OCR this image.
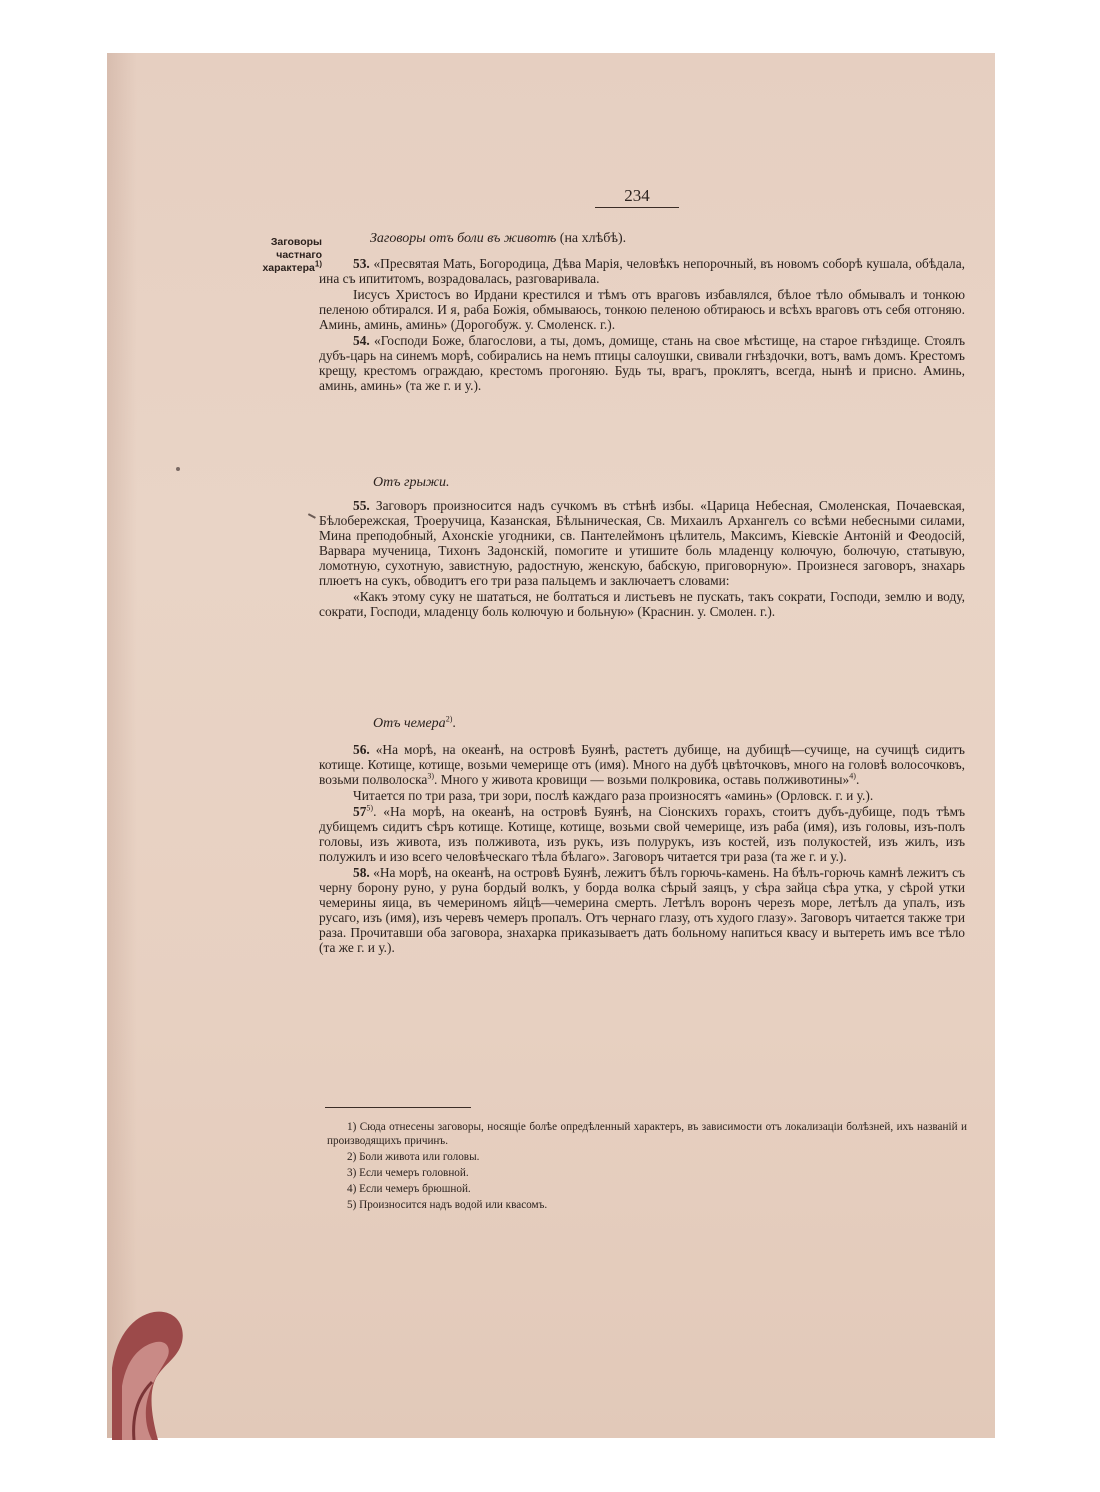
234
Заговоры
частнаго
характера$^{1)}$
Заговоры отъ боли въ животѣ (на хлѣбѣ).

53. «Пресвятая Мать, Богородица, Дѣва Марія, человѣкъ непорочный, въ новомъ соборѣ кушала, обѣдала, ина съ ипититомъ, возрадовалась, разговаривала.

Іисусъ Христосъ во Ирдани крестился и тѣмъ отъ враговъ избавлялся, бѣлое тѣло обмывалъ и тонкою пеленою обтирался. И я, раба Божія, обмываюсь, тонкою пеленою обтираюсь и всѣхъ враговъ отъ себя отгоняю. Аминь, аминь, аминь» (Дорогобуж. у. Смоленск. г.).

54. «Господи Боже, благослови, а ты, домъ, домище, стань на свое мѣстище, на старое гнѣздище. Стоялъ дубъ-царь на синемъ морѣ, собирались на немъ птицы салоушки, свивали гнѣздочки, вотъ, вамъ домъ. Крестомъ крещу, крестомъ ограждаю, крестомъ прогоняю. Будь ты, врагъ, проклятъ, всегда, нынѣ и присно. Аминь, аминь, аминь» (та же г. и у.).

Отъ грыжи.

55. Заговоръ произносится надъ сучкомъ въ стѣнѣ избы. «Царица Небесная, Смоленская, Почаевская, Бѣлобережская, Троеручица, Казанская, Бѣлыническая, Св. Михаилъ Архангелъ со всѣми небесными силами, Мина преподобный, Ахонскіе угодники, св. Пантелеймонъ цѣлитель, Максимъ, Кіевскіе Антоній и Феодосій, Варвара мученица, Тихонъ Задонскій, помогите и утишите боль младенцу колючую, болючую, статывую, ломотную, сухотную, завистную, радостную, женскую, бабскую, приговорную». Произнеся заговоръ, знахарь плюетъ на сукъ, обводитъ его три раза пальцемъ и заключаетъ словами:

«Какъ этому суку не шататься, не болтаться и листьевъ не пускать, такъ сократи, Господи, землю и воду, сократи, Господи, младенцу боль колючую и больную» (Краснин. у. Смолен. г.).

Отъ чемера$^{2)}$.

56. «На морѣ, на океанѣ, на островѣ Буянѣ, растетъ дубище, на дубищѣ—сучище, на сучищѣ сидитъ котище. Котище, котище, возьми чемерище отъ (имя). Много на дубѣ цвѣточковъ, много на головѣ волосочковъ, возьми полволоска$^{3)}$. Много у живота кровищи — возьми полкровика, оставь полживотины»$^{4)}$.

Читается по три раза, три зори, послѣ каждаго раза произносятъ «аминь» (Орловск. г. и у.).

57$^{5)}$. «На морѣ, на океанѣ, на островѣ Буянѣ, на Сіонскихъ горахъ, стоитъ дубъ-дубище, подъ тѣмъ дубищемъ сидитъ сѣръ котище. Котище, котище, возьми свой чемерище, изъ раба (имя), изъ головы, изъ-полъ головы, изъ живота, изъ полживота, изъ рукъ, изъ полурукъ, изъ костей, изъ полукостей, изъ жилъ, изъ полужилъ и изо всего человѣческаго тѣла бѣлаго». Заговоръ читается три раза (та же г. и у.).

58. «На морѣ, на океанѣ, на островѣ Буянѣ, лежитъ бѣлъ горючь-камень. На бѣлъ-горючь камнѣ лежитъ съ черну борону руно, у руна бордый волкъ, у борда волка сѣрый заяцъ, у сѣра зайца сѣра утка, у сѣрой утки чемерины яица, въ чемериномъ яйцѣ—чемерина смерть. Летѣлъ воронъ черезъ море, летѣлъ да упалъ, изъ русаго, изъ (имя), изъ черевъ чемеръ пропалъ. Отъ чернаго глазу, отъ худого глазу». Заговоръ читается также три раза. Прочитавши оба заговора, знахарка приказываетъ дать больному напиться квасу и вытереть имъ все тѣло (та же г. и у.).

1) Сюда отнесены заговоры, носящіе болѣе опредѣленный характеръ, въ зависимости отъ локализаціи болѣзней, ихъ названій и производящихъ причинъ.

2) Боли живота или головы.

3) Если чемеръ головной.

4) Если чемеръ брюшной.

5) Произносится надъ водой или квасомъ.
